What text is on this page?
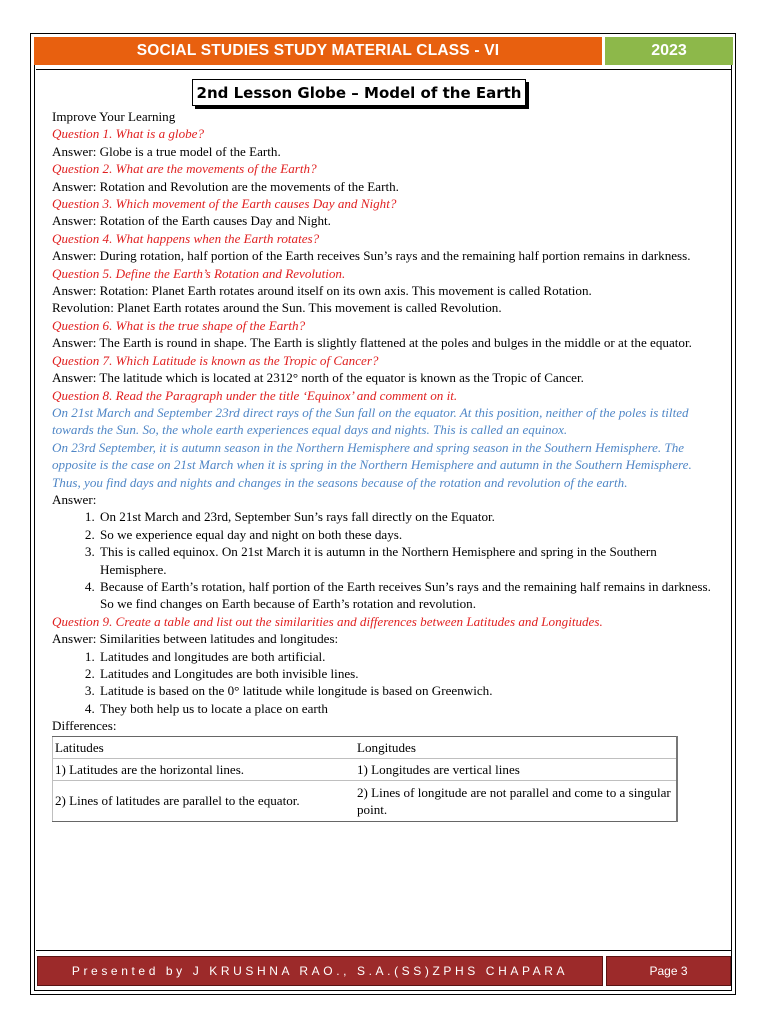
SOCIAL STUDIES STUDY MATERIAL CLASS - VI	2023
2nd Lesson Globe – Model of the Earth

Improve Your Learning

Question 1. What is a globe?

Answer: Globe is a true model of the Earth.

Question 2. What are the movements of the Earth?

Answer: Rotation and Revolution are the movements of the Earth.

Question 3. Which movement of the Earth causes Day and Night?

Answer: Rotation of the Earth causes Day and Night.

Question 4. What happens when the Earth rotates?

Answer: During rotation, half portion of the Earth receives Sun’s rays and the remaining half portion remains in darkness.

Question 5. Define the Earth’s Rotation and Revolution.

Answer: Rotation: Planet Earth rotates around itself on its own axis. This movement is called Rotation.

Revolution: Planet Earth rotates around the Sun. This movement is called Revolution.

Question 6. What is the true shape of the Earth?

Answer: The Earth is round in shape. The Earth is slightly flattened at the poles and bulges in the middle or at the equator.

Question 7. Which Latitude is known as the Tropic of Cancer?

Answer: The latitude which is located at 2312° north of the equator is known as the Tropic of Cancer.

Question 8. Read the Paragraph under the title ‘Equinox’ and comment on it.

On 21st March and September 23rd direct rays of the Sun fall on the equator. At this position, neither of the poles is tilted towards the Sun. So, the whole earth experiences equal days and nights. This is called an equinox.

On 23rd September, it is autumn season in the Northern Hemisphere and spring season in the Southern Hemisphere. The opposite is the case on 21st March when it is spring in the Northern Hemisphere and autumn in the Southern Hemisphere. Thus, you find days and nights and changes in the seasons because of the rotation and revolution of the earth.

Answer:

1. On 21st March and 23rd, September Sun’s rays fall directly on the Equator.
2. So we experience equal day and night on both these days.
3. This is called equinox. On 21st March it is autumn in the Northern Hemisphere and spring in the Southern Hemisphere.
4. Because of Earth’s rotation, half portion of the Earth receives Sun’s rays and the remaining half remains in darkness. So we find changes on Earth because of Earth’s rotation and revolution.

Question 9. Create a table and list out the similarities and differences between Latitudes and Longitudes.

Answer: Similarities between latitudes and longitudes:

1. Latitudes and longitudes are both artificial.
2. Latitudes and Longitudes are both invisible lines.
3. Latitude is based on the 0° latitude while longitude is based on Greenwich.
4. They both help us to locate a place on earth

Differences:

Latitudes	Longitudes
1) Latitudes are the horizontal lines.	1) Longitudes are vertical lines
2) Lines of latitudes are parallel to the equator.	2) Lines of longitude are not parallel and come to a singular point.
Presented by J KRUSHNA RAO., S.A.(SS)ZPHS CHAPARA	Page 3
